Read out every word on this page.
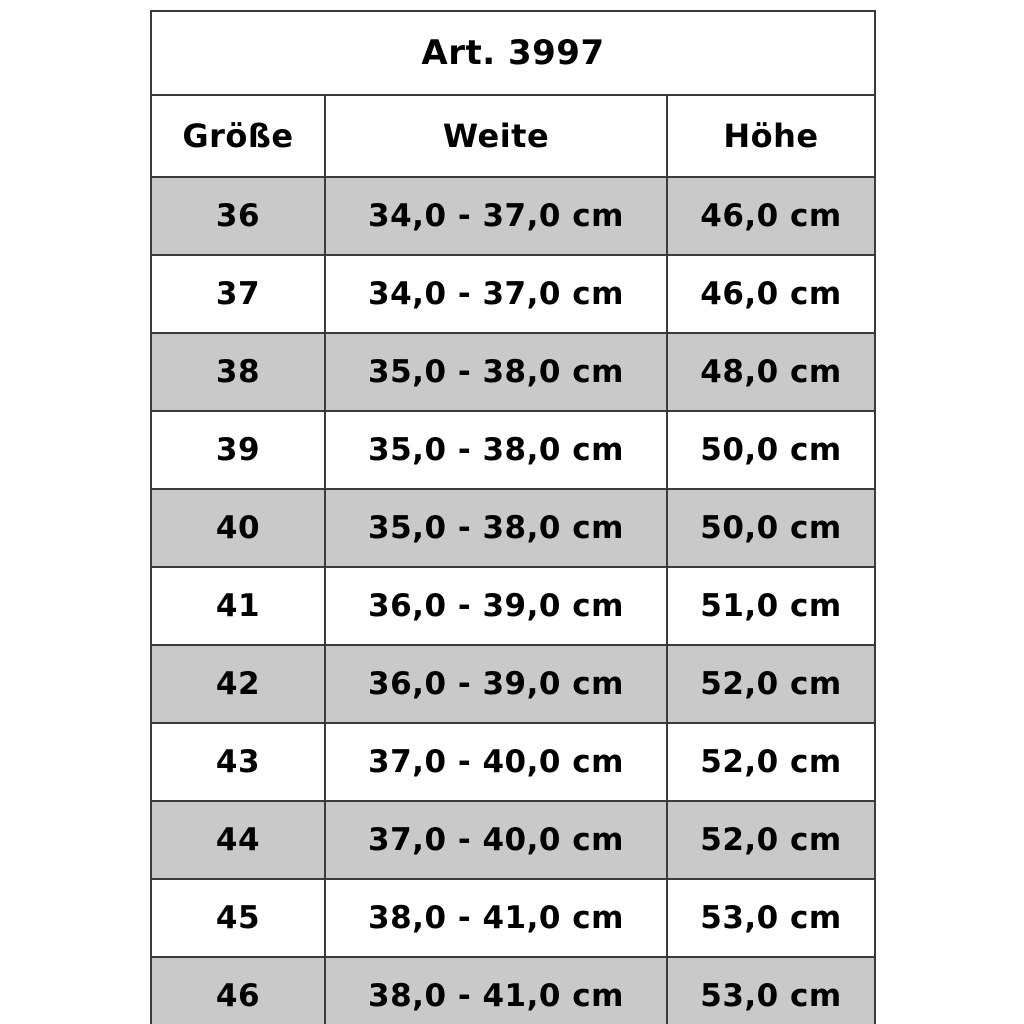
Art. 3997		
Größe	Weite	Höhe
36	34,0 - 37,0 cm	46,0 cm
37	34,0 - 37,0 cm	46,0 cm
38	35,0 - 38,0 cm	48,0 cm
39	35,0 - 38,0 cm	50,0 cm
40	35,0 - 38,0 cm	50,0 cm
41	36,0 - 39,0 cm	51,0 cm
42	36,0 - 39,0 cm	52,0 cm
43	37,0 - 40,0 cm	52,0 cm
44	37,0 - 40,0 cm	52,0 cm
45	38,0 - 41,0 cm	53,0 cm
46	38,0 - 41,0 cm	53,0 cm
